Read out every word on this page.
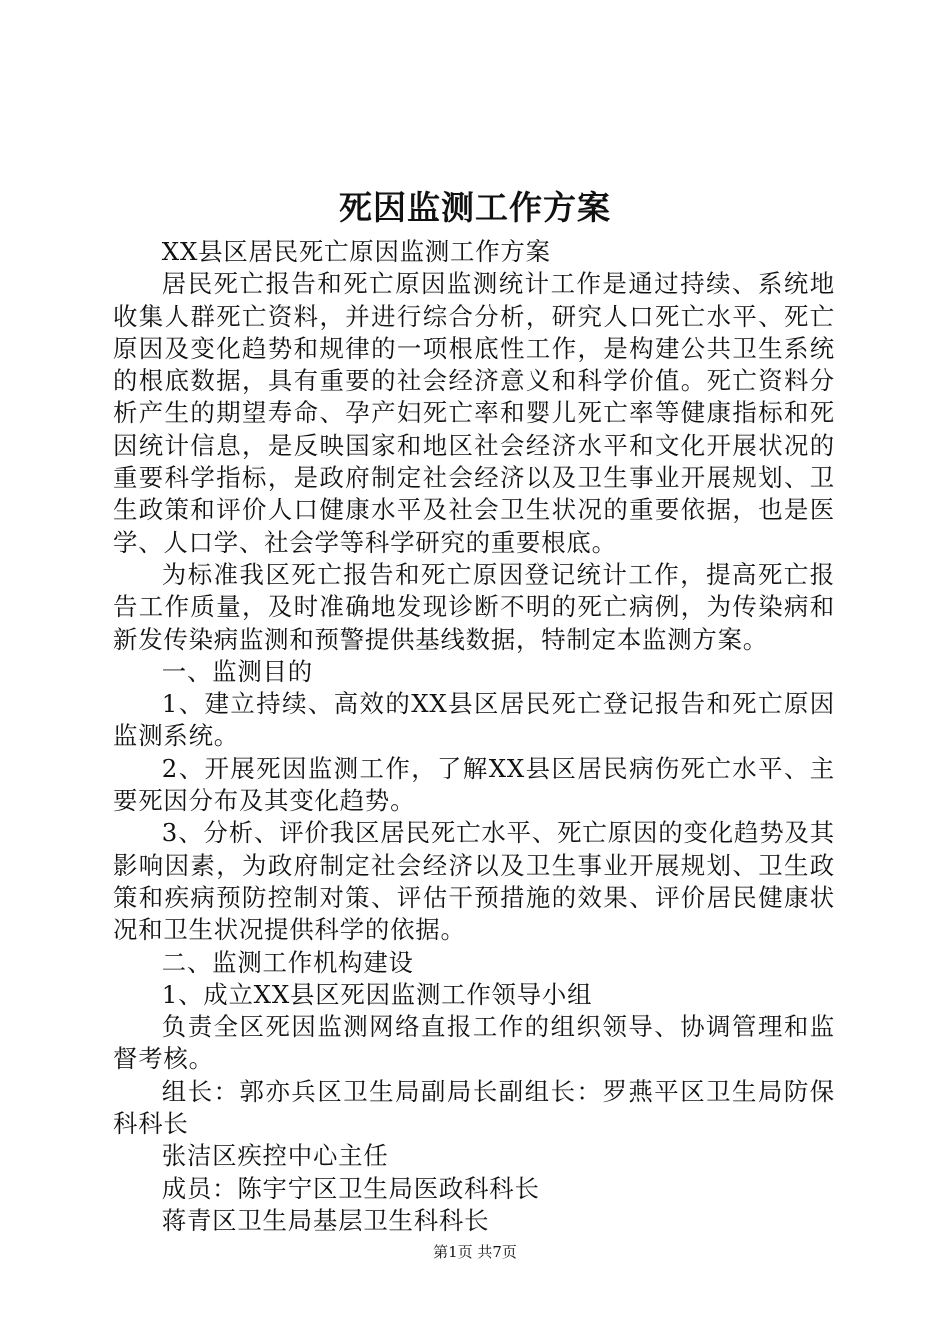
死因监测工作方案

XX县区居民死亡原因监测工作方案

居民死亡报告和死亡原因监测统计工作是通过持续、系统地收集人群死亡资料，并进行综合分析，研究人口死亡水平、死亡原因及变化趋势和规律的一项根底性工作，是构建公共卫生系统的根底数据，具有重要的社会经济意义和科学价值。死亡资料分析产生的期望寿命、孕产妇死亡率和婴儿死亡率等健康指标和死因统计信息，是反映国家和地区社会经济水平和文化开展状况的重要科学指标，是政府制定社会经济以及卫生事业开展规划、卫生政策和评价人口健康水平及社会卫生状况的重要依据，也是医学、人口学、社会学等科学研究的重要根底。

为标准我区死亡报告和死亡原因登记统计工作，提高死亡报告工作质量，及时准确地发现诊断不明的死亡病例，为传染病和新发传染病监测和预警提供基线数据，特制定本监测方案。

一、监测目的

1、建立持续、高效的XX县区居民死亡登记报告和死亡原因监测系统。

2、开展死因监测工作，了解XX县区居民病伤死亡水平、主要死因分布及其变化趋势。

3、分析、评价我区居民死亡水平、死亡原因的变化趋势及其影响因素，为政府制定社会经济以及卫生事业开展规划、卫生政策和疾病预防控制对策、评估干预措施的效果、评价居民健康状况和卫生状况提供科学的依据。

二、监测工作机构建设

1、成立XX县区死因监测工作领导小组

负责全区死因监测网络直报工作的组织领导、协调管理和监督考核。

组长：郭亦兵区卫生局副局长副组长：罗燕平区卫生局防保科科长

张洁区疾控中心主任

成员：陈宇宁区卫生局医政科科长

蒋青区卫生局基层卫生科科长

第1页 共7页
